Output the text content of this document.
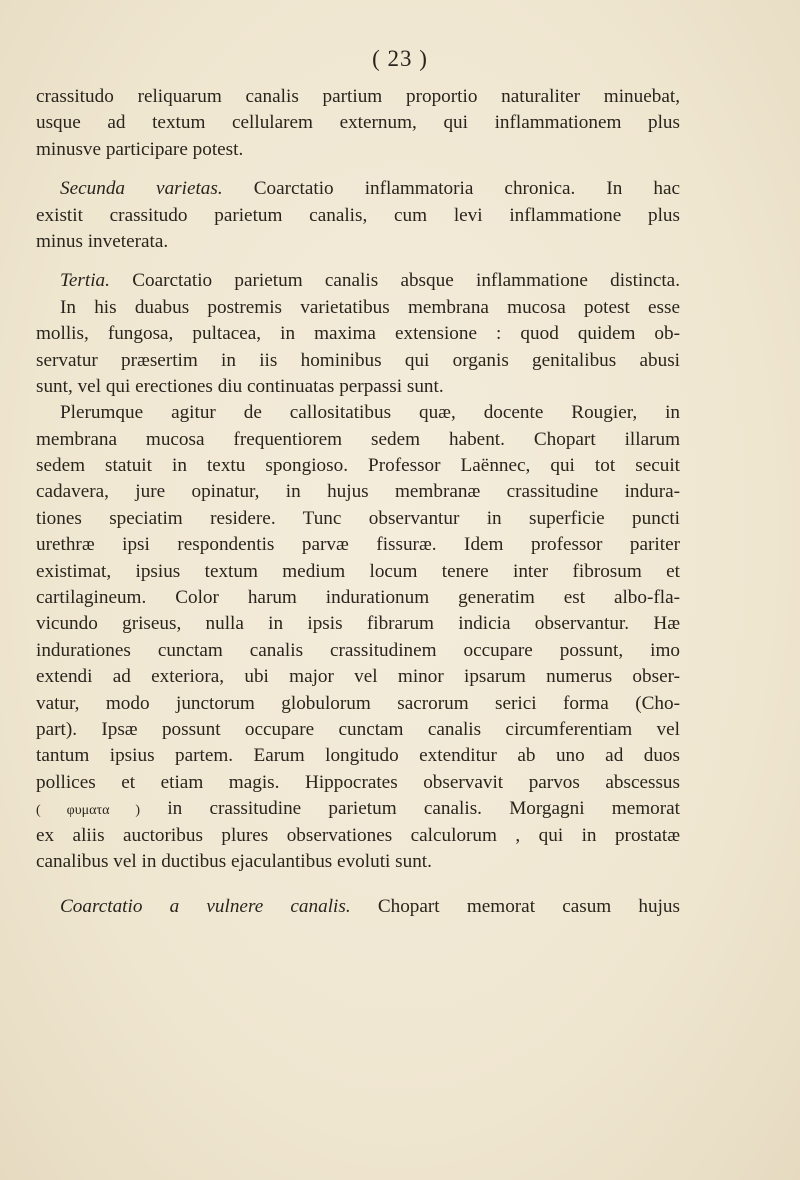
( 23 )
crassitudo reliquarum canalis partium proportio naturaliter minuebat,
usque ad textum cellularem externum, qui inflammationem plus
minusve participare potest.
Secunda varietas. Coarctatio inflammatoria chronica. In hac
existit crassitudo parietum canalis, cum levi inflammatione plus
minus inveterata.
Tertia. Coarctatio parietum canalis absque inflammatione distincta.
In his duabus postremis varietatibus membrana mucosa potest esse
mollis, fungosa, pultacea, in maxima extensione : quod quidem ob-
servatur præsertim in iis hominibus qui organis genitalibus abusi
sunt, vel qui erectiones diu continuatas perpassi sunt.
Plerumque agitur de callositatibus quæ, docente Rougier, in
membrana mucosa frequentiorem sedem habent. Chopart illarum
sedem statuit in textu spongioso. Professor Laënnec, qui tot secuit
cadavera, jure opinatur, in hujus membranæ crassitudine indura-
tiones speciatim residere. Tunc observantur in superficie puncti
urethræ ipsi respondentis parvæ fissuræ. Idem professor pariter
existimat, ipsius textum medium locum tenere inter fibrosum et
cartilagineum. Color harum indurationum generatim est albo-fla-
vicundo griseus, nulla in ipsis fibrarum indicia observantur. Hæ
indurationes cunctam canalis crassitudinem occupare possunt, imo
extendi ad exteriora, ubi major vel minor ipsarum numerus obser-
vatur, modo junctorum globulorum sacrorum serici forma (Cho-
part). Ipsæ possunt occupare cunctam canalis circumferentiam vel
tantum ipsius partem. Earum longitudo extenditur ab uno ad duos
pollices et etiam magis. Hippocrates observavit parvos abscessus
( φυματα ) in crassitudine parietum canalis. Morgagni memorat
ex aliis auctoribus plures observationes calculorum , qui in prostatæ
canalibus vel in ductibus ejaculantibus evoluti sunt.
Coarctatio a vulnere canalis. Chopart memorat casum hujus
